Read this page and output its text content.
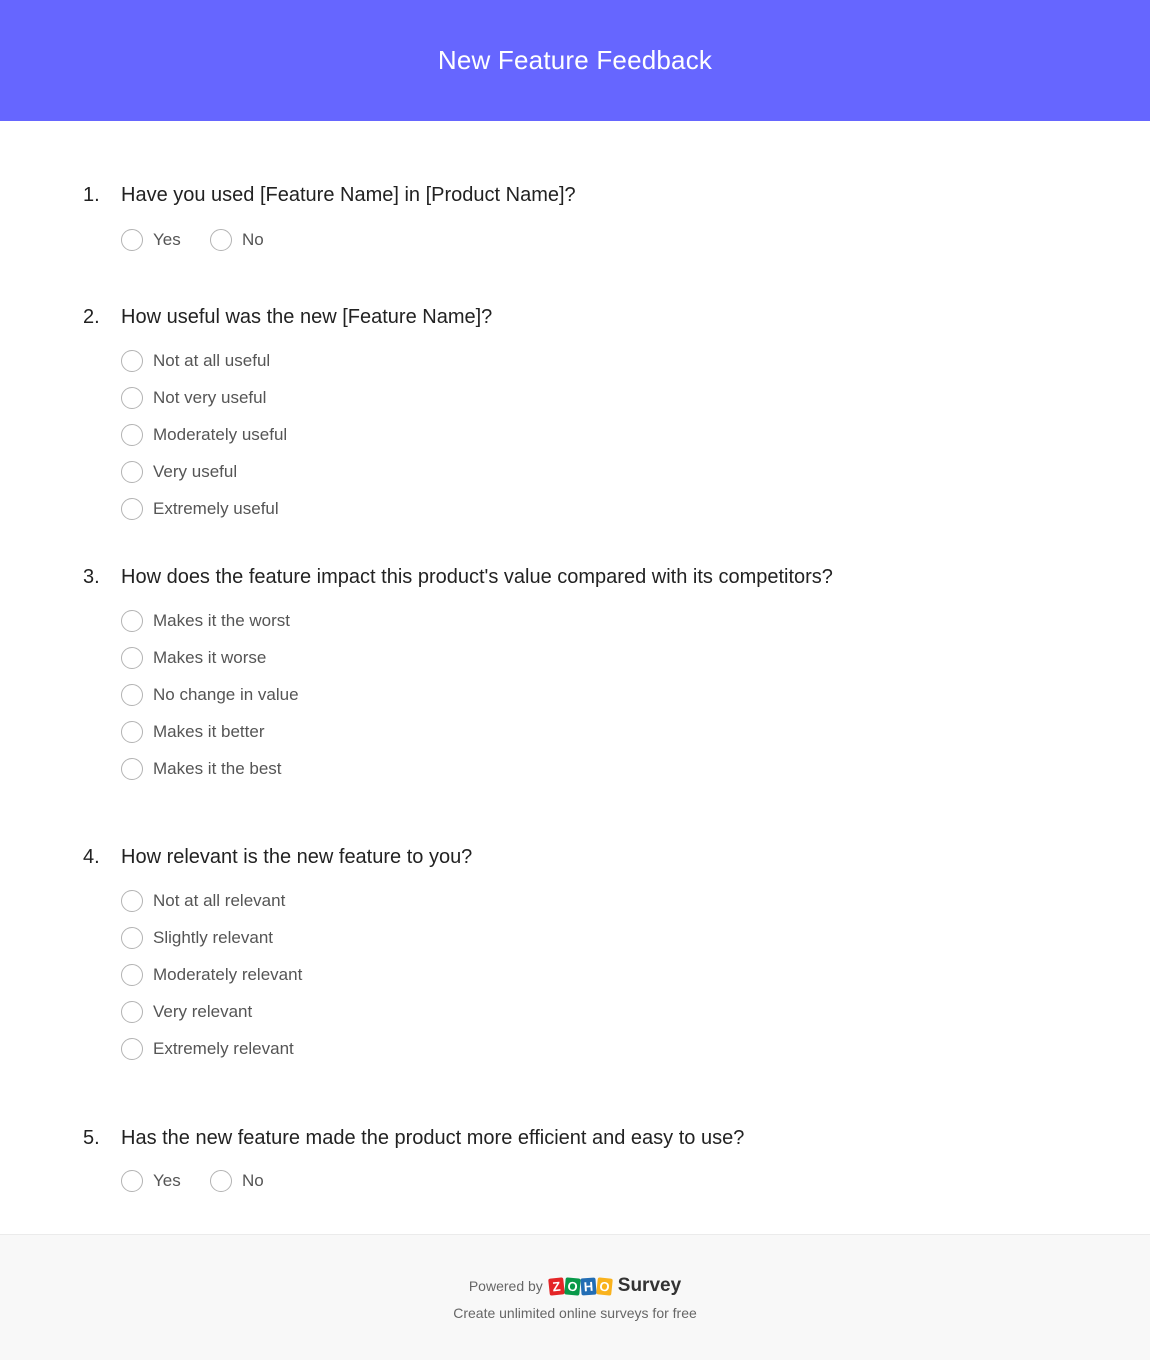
New Feature Feedback
1.	Have you used [Feature Name] in [Product Name]?
Yes	No
2.	How useful was the new [Feature Name]?
Not at all useful
Not very useful
Moderately useful
Very useful
Extremely useful
3.	How does the feature impact this product's value compared with its competitors?
Makes it the worst
Makes it worse
No change in value
Makes it better
Makes it the best
4.	How relevant is the new feature to you?
Not at all relevant
Slightly relevant
Moderately relevant
Very relevant
Extremely relevant
5.	Has the new feature made the product more efficient and easy to use?
Yes	No
Powered by Z O H O Survey
Create unlimited online surveys for free
